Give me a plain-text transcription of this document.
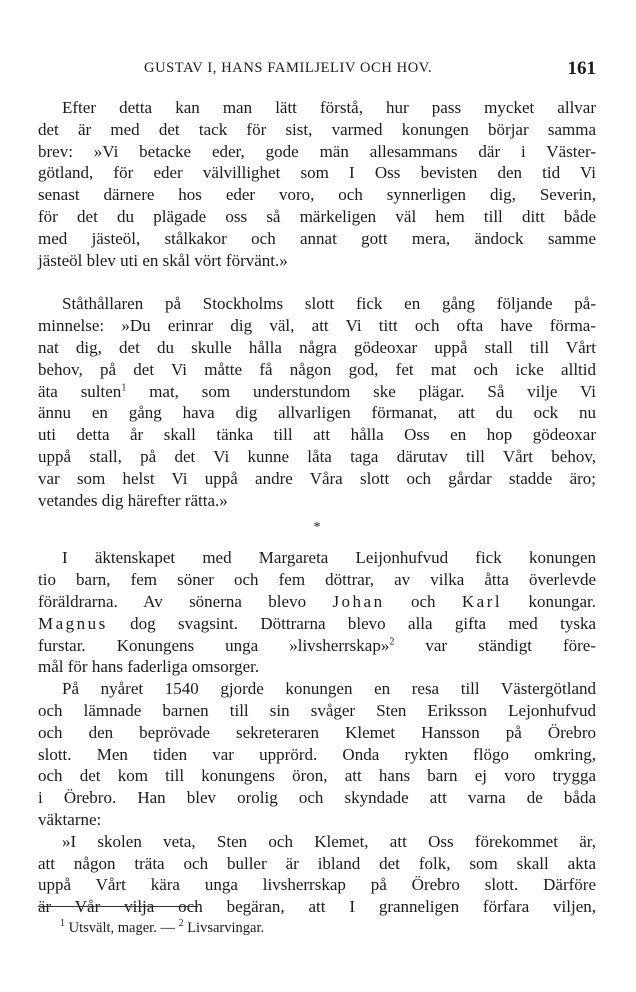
GUSTAV I, HANS FAMILJELIV OCH HOV.	161
Efter detta kan man lätt förstå, hur pass mycket allvar
det är med det tack för sist, varmed konungen börjar samma
brev: »Vi betacke eder, gode män allesammans där i Väster-
götland, för eder välvillighet som I Oss bevisten den tid Vi
senast därnere hos eder voro, och synnerligen dig, Severin,
för det du plägade oss så märkeligen väl hem till ditt både
med jästeöl, stålkakor och annat gott mera, ändock samme
jästeöl blev uti en skål vört förvänt.»
Ståthållaren på Stockholms slott fick en gång följande på-
minnelse: »Du erinrar dig väl, att Vi titt och ofta have förma-
nat dig, det du skulle hålla några gödeoxar uppå stall till Vårt
behov, på det Vi måtte få någon god, fet mat och icke alltid
äta sulten$^1$ mat, som understundom ske plägar. Så vilje Vi
ännu en gång hava dig allvarligen förmanat, att du ock nu
uti detta år skall tänka till att hålla Oss en hop gödeoxar
uppå stall, på det Vi kunne låta taga därutav till Vårt behov,
var som helst Vi uppå andre Våra slott och gårdar stadde äro;
vetandes dig härefter rätta.»
*
I äktenskapet med Margareta Leijonhufvud fick konungen
tio barn, fem söner och fem döttrar, av vilka åtta överlevde
föräldrarna. Av sönerna blevo Johan och Karl konungar.
Magnus dog svagsint. Döttrarna blevo alla gifta med tyska
furstar. Konungens unga »livsherrskap»$^2$ var ständigt före-
mål för hans faderliga omsorger.
På nyåret 1540 gjorde konungen en resa till Västergötland
och lämnade barnen till sin svåger Sten Eriksson Lejonhufvud
och den beprövade sekreteraren Klemet Hansson på Örebro
slott. Men tiden var upprörd. Onda rykten flögo omkring,
och det kom till konungens öron, att hans barn ej voro trygga
i Örebro. Han blev orolig och skyndade att varna de båda
väktarne:
»I skolen veta, Sten och Klemet, att Oss förekommet är,
att någon träta och buller är ibland det folk, som skall akta
uppå Vårt kära unga livsherrskap på Örebro slott. Därföre
är Vår vilja och begäran, att I granneligen förfara viljen,
$^1$ Utsvält, mager. — $^2$ Livsarvingar.
